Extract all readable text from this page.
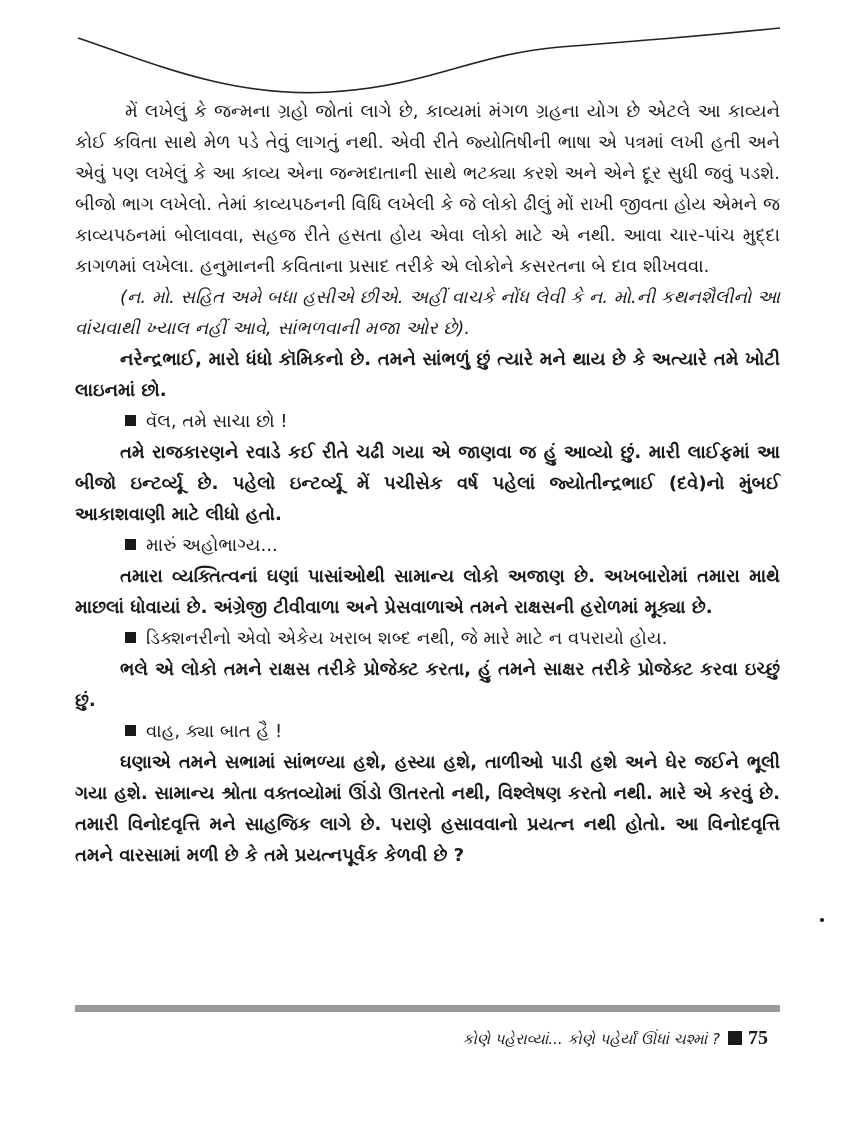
મેં લખેલું કે જન્મના ગ્રહો જોતાં લાગે છે, કાવ્યમાં મંગળ ગ્રહના યોગ છે એટલે આ કાવ્યને કોઈ કવિતા સાથે મેળ પડે તેવું લાગતું નથી. એવી રીતે જ્યોતિષીની ભાષા એ પત્રમાં લખી હતી અને એવું પણ લખેલું કે આ કાવ્ય એના જન્મદાતાની સાથે ભટક્યા કરશે અને એને દૂર સુધી જવું પડશે. બીજો ભાગ લખેલો. તેમાં કાવ્યપઠનની વિધિ લખેલી કે જે લોકો ઢીલું મોં રાખી જીવતા હોય એમને જ કાવ્યપઠનમાં બોલાવવા, સહજ રીતે હસતા હોય એવા લોકો માટે એ નથી. આવા ચાર-પાંચ મુદ્દા કાગળમાં લખેલા. હનુમાનની કવિતાના પ્રસાદ તરીકે એ લોકોને કસરતના બે દાવ શીખવવા.

(ન. મો. સહિત અમે બધા હસીએ છીએ. અહીં વાચકે નોંધ લેવી કે ન. મો.ની કથનશૈલીનો આ વાંચવાથી ખ્યાલ નહીં આવે, સાંભળવાની મજા ઓર છે).

નરેન્દ્રભાઈ, મારો ધંધો કૉમિકનો છે. તમને સાંભળું છું ત્યારે મને થાય છે કે અત્યારે તમે ખોટી લાઇનમાં છો.

વૅલ, તમે સાચા છો !

તમે રાજકારણને રવાડે કઈ રીતે ચઢી ગયા એ જાણવા જ હું આવ્યો છું. મારી લાઈફમાં આ બીજો ઇન્ટર્વ્યૂ છે. પહેલો ઇન્ટર્વ્યૂ મેં પચીસેક વર્ષ પહેલાં જ્યોતીન્દ્રભાઈ (દવે)નો મુંબઈ આકાશવાણી માટે લીધો હતો.

મારું અહોભાગ્ય...

તમારા વ્યક્તિત્વનાં ઘણાં પાસાંઓથી સામાન્ય લોકો અજાણ છે. અખબારોમાં તમારા માથે માછલાં ધોવાયાં છે. અંગ્રેજી ટીવીવાળા અને પ્રેસવાળાએ તમને રાક્ષસની હરોળમાં મૂક્યા છે.

ડિક્શનરીનો એવો એકેય ખરાબ શબ્દ નથી, જે મારે માટે ન વપરાયો હોય.

ભલે એ લોકો તમને રાક્ષસ તરીકે પ્રોજેક્ટ કરતા, હું તમને સાક્ષર તરીકે પ્રોજેક્ટ કરવા ઇચ્છું છું.

વાહ, ક્યા બાત હૈ !

ઘણાએ તમને સભામાં સાંભળ્યા હશે, હસ્યા હશે, તાળીઓ પાડી હશે અને ઘેર જઈને ભૂલી ગયા હશે. સામાન્ય શ્રોતા વક્તવ્યોમાં ઊંડો ઊતરતો નથી, વિશ્લેષણ કરતો નથી. મારે એ કરવું છે. તમારી વિનોદવૃત્તિ મને સાહજિક લાગે છે. પરાણે હસાવવાનો પ્રયત્ન નથી હોતો. આ વિનોદવૃત્તિ તમને વારસામાં મળી છે કે તમે પ્રયત્નપૂર્વક કેળવી છે ?

કોણે પહેરાવ્યાં... કોણે પહેર્યાં ઊંધાં ચશ્માં ? 75
